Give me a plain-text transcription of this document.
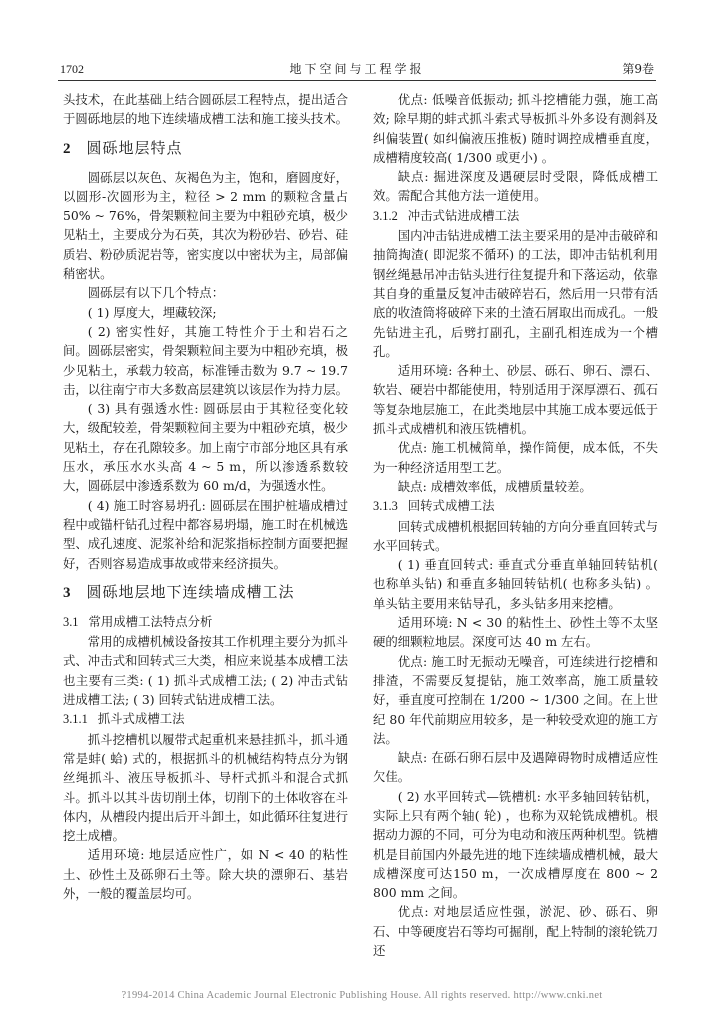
1702	地下空间与工程学报	第9卷

头技术，在此基础上结合圆砾层工程特点，提出适合于圆砾地层的地下连续墙成槽工法和施工接头技术。

2 圆砾地层特点

圆砾层以灰色、灰褐色为主，饱和，磨圆度好，以圆形-次圆形为主，粒径 > 2 mm 的颗粒含量占 50% ~ 76%，骨架颗粒间主要为中粗砂充填，极少见粘土，主要成分为石英，其次为粉砂岩、砂岩、硅质岩、粉砂质泥岩等，密实度以中密状为主，局部偏稍密状。

圆砾层有以下几个特点：

( 1) 厚度大，埋藏较深;

( 2) 密实性好，其施工特性介于土和岩石之间。圆砾层密实，骨架颗粒间主要为中粗砂充填，极少见粘土，承载力较高，标准锤击数为 9.7 ~ 19.7击，以往南宁市大多数高层建筑以该层作为持力层。

( 3) 具有强透水性: 圆砾层由于其粒径变化较大，级配较差，骨架颗粒间主要为中粗砂充填，极少见粘土，存在孔隙较多。加上南宁市部分地区具有承压水，承压水水头高 4 ~ 5 m，所以渗透系数较大，圆砾层中渗透系数为 60 m/d，为强透水性。

( 4) 施工时容易坍孔: 圆砾层在围护桩墙成槽过程中或锚杆钻孔过程中都容易坍塌，施工时在机械选型、成孔速度、泥浆补给和泥浆指标控制方面要把握好，否则容易造成事故或带来经济损失。

3 圆砾地层地下连续墙成槽工法
3.1 常用成槽工法特点分析

常用的成槽机械设备按其工作机理主要分为抓斗式、冲击式和回转式三大类，相应来说基本成槽工法也主要有三类: ( 1) 抓斗式成槽工法; ( 2) 冲击式钻进成槽工法; ( 3) 回转式钻进成槽工法。

3.1.1 抓斗式成槽工法

抓斗挖槽机以履带式起重机来悬挂抓斗，抓斗通常是蚌( 蛤) 式的，根据抓斗的机械结构特点分为钢丝绳抓斗、液压导板抓斗、导杆式抓斗和混合式抓斗。抓斗以其斗齿切削土体，切削下的土体收容在斗体内，从槽段内提出后开斗卸土，如此循环往复进行挖土成槽。

适用环境: 地层适应性广，如 N < 40 的粘性土、砂性土及砾卵石土等。除大块的漂卵石、基岩外，一般的覆盖层均可。

优点: 低噪音低振动; 抓斗挖槽能力强，施工高效; 除早期的蚌式抓斗索式导板抓斗外多设有测斜及纠偏装置( 如纠偏液压推板) 随时调控成槽垂直度，成槽精度较高( 1/300 或更小) 。

缺点: 掘进深度及遇硬层时受限，降低成槽工效。需配合其他方法一道使用。

3.1.2 冲击式钻进成槽工法

国内冲击钻进成槽工法主要采用的是冲击破碎和抽筒掏渣( 即泥浆不循环) 的工法，即冲击钻机利用钢丝绳悬吊冲击钻头进行往复提升和下落运动，依靠其自身的重量反复冲击破碎岩石，然后用一只带有活底的收渣筒将破碎下来的土渣石屑取出而成孔。一般先钻进主孔，后劈打副孔，主副孔相连成为一个槽孔。

适用环境: 各种土、砂层、砾石、卵石、漂石、软岩、硬岩中都能使用，特别适用于深厚漂石、孤石等复杂地层施工，在此类地层中其施工成本要远低于抓斗式成槽机和液压铣槽机。

优点: 施工机械简单，操作简便，成本低，不失为一种经济适用型工艺。

缺点: 成槽效率低，成槽质量较差。

3.1.3 回转式成槽工法

回转式成槽机根据回转轴的方向分垂直回转式与水平回转式。

( 1) 垂直回转式: 垂直式分垂直单轴回转钻机( 也称单头钻) 和垂直多轴回转钻机( 也称多头钻) 。单头钻主要用来钻导孔，多头钻多用来挖槽。

适用环境: N < 30 的粘性土、砂性土等不太坚硬的细颗粒地层。深度可达 40 m 左右。

优点: 施工时无振动无噪音，可连续进行挖槽和排渣，不需要反复提钻，施工效率高，施工质量较好，垂直度可控制在 1/200 ~ 1/300 之间。在上世纪 80 年代前期应用较多，是一种较受欢迎的施工方法。

缺点: 在砾石卵石层中及遇障碍物时成槽适应性欠佳。

( 2) 水平回转式—铣槽机: 水平多轴回转钻机，实际上只有两个轴( 轮) ，也称为双轮铣成槽机。根据动力源的不同，可分为电动和液压两种机型。铣槽机是目前国内外最先进的地下连续墙成槽机械，最大成槽深度可达150 m，一次成槽厚度在 800 ~ 2 800 mm 之间。

优点: 对地层适应性强，淤泥、砂、砾石、卵石、中等硬度岩石等均可掘削，配上特制的滚轮铣刀还

?1994-2014 China Academic Journal Electronic Publishing House. All rights reserved. http://www.cnki.net
